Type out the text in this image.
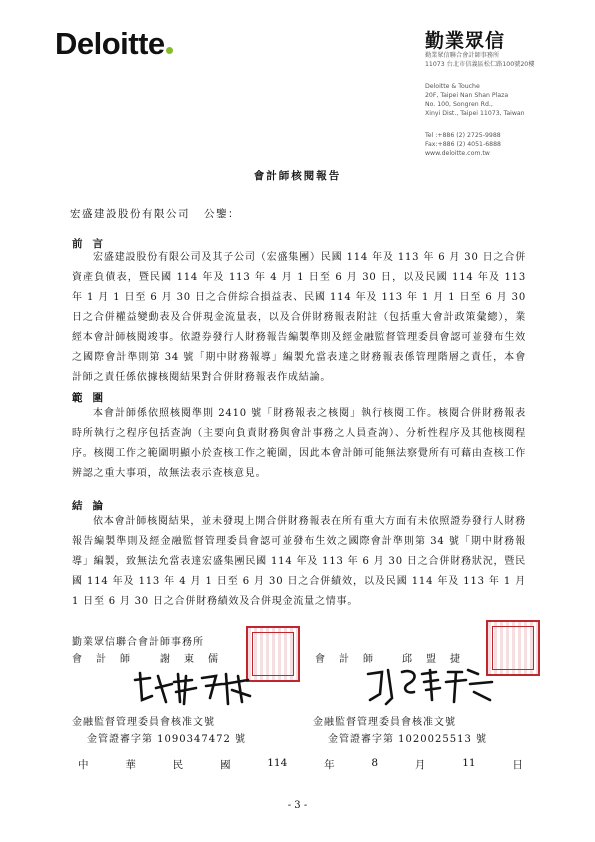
Deloitte	勤業眾信
勤業眾信聯合會計師事務所
11073 台北市信義區松仁路100號20樓
Deloitte & Touche
20F, Taipei Nan Shan Plaza
No. 100, Songren Rd.,
Xinyi Dist., Taipei 11073, Taiwan
Tel :+886 (2) 2725-9988
Fax:+886 (2) 4051-6888
www.deloitte.com.tw
會計師核閱報告
宏盛建設股份有限公司 公鑒：
前言
宏盛建設股份有限公司及其子公司（宏盛集團）民國 114 年及 113 年 6 月 30 日之合併資產負債表，暨民國 114 年及 113 年 4 月 1 日至 6 月 30 日，以及民國 114 年及 113 年 1 月 1 日至 6 月 30 日之合併綜合損益表、民國 114 年及 113 年 1 月 1 日至 6 月 30 日之合併權益變動表及合併現金流量表，以及合併財務報表附註（包括重大會計政策彙總），業經本會計師核閱竣事。依證券發行人財務報告編製準則及經金融監督管理委員會認可並發布生效之國際會計準則第 34 號「期中財務報導」編製允當表達之財務報表係管理階層之責任，本會計師之責任係依據核閱結果對合併財務報表作成結論。
範圍
本會計師係依照核閱準則 2410 號「財務報表之核閱」執行核閱工作。核閱合併財務報表時所執行之程序包括查詢（主要向負責財務與會計事務之人員查詢）、分析性程序及其他核閱程序。核閱工作之範圍明顯小於查核工作之範圍，因此本會計師可能無法察覺所有可藉由查核工作辨認之重大事項，故無法表示查核意見。
結論
依本會計師核閱結果，並未發現上開合併財務報表在所有重大方面有未依照證券發行人財務報告編製準則及經金融監督管理委員會認可並發布生效之國際會計準則第 34 號「期中財務報導」編製，致無法允當表達宏盛集團民國 114 年及 113 年 6 月 30 日之合併財務狀況，暨民國 114 年及 113 年 4 月 1 日至 6 月 30 日之合併績效，以及民國 114 年及 113 年 1 月 1 日至 6 月 30 日之合併財務績效及合併現金流量之情事。
勤業眾信聯合會計師事務所
會計師 謝東儒	會計師 邱盟捷
金融監督管理委員會核准文號
金管證審字第 1090347472 號
金融監督管理委員會核准文號
金管證審字第 1020025513 號
中	華	民	國	114	年	8	月	11	日
- 3 -
